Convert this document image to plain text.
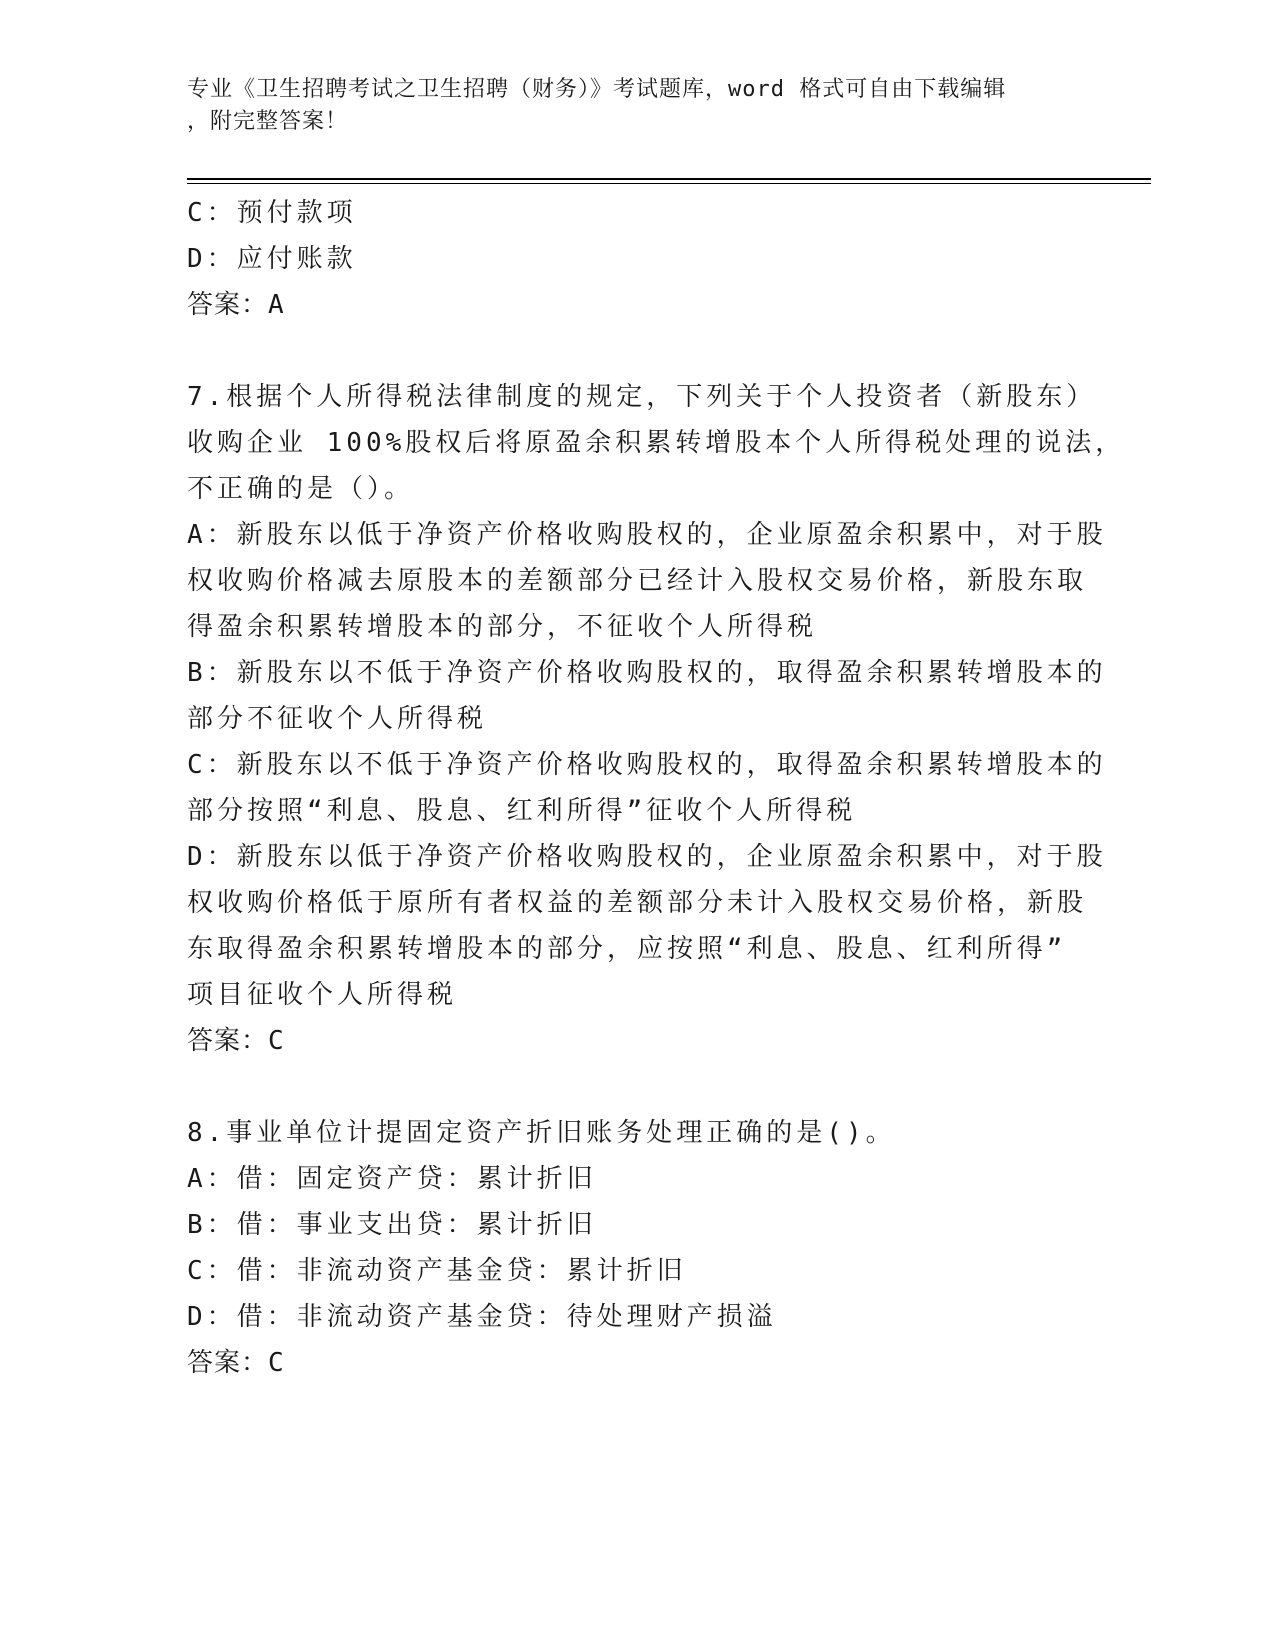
专业《卫生招聘考试之卫生招聘（财务）》考试题库，word 格式可自由下载编辑
，附完整答案！
C：预付款项
D：应付账款
答案：A
7.根据个人所得税法律制度的规定，下列关于个人投资者（新股东）
收购企业 100%股权后将原盈余积累转增股本个人所得税处理的说法，
不正确的是（）。
A：新股东以低于净资产价格收购股权的，企业原盈余积累中，对于股
权收购价格减去原股本的差额部分已经计入股权交易价格，新股东取
得盈余积累转增股本的部分，不征收个人所得税
B：新股东以不低于净资产价格收购股权的，取得盈余积累转增股本的
部分不征收个人所得税
C：新股东以不低于净资产价格收购股权的，取得盈余积累转增股本的
部分按照“利息、股息、红利所得”征收个人所得税
D：新股东以低于净资产价格收购股权的，企业原盈余积累中，对于股
权收购价格低于原所有者权益的差额部分未计入股权交易价格，新股
东取得盈余积累转增股本的部分，应按照“利息、股息、红利所得”
项目征收个人所得税
答案：C
8.事业单位计提固定资产折旧账务处理正确的是()。
A：借：固定资产贷：累计折旧
B：借：事业支出贷：累计折旧
C：借：非流动资产基金贷：累计折旧
D：借：非流动资产基金贷：待处理财产损溢
答案：C
